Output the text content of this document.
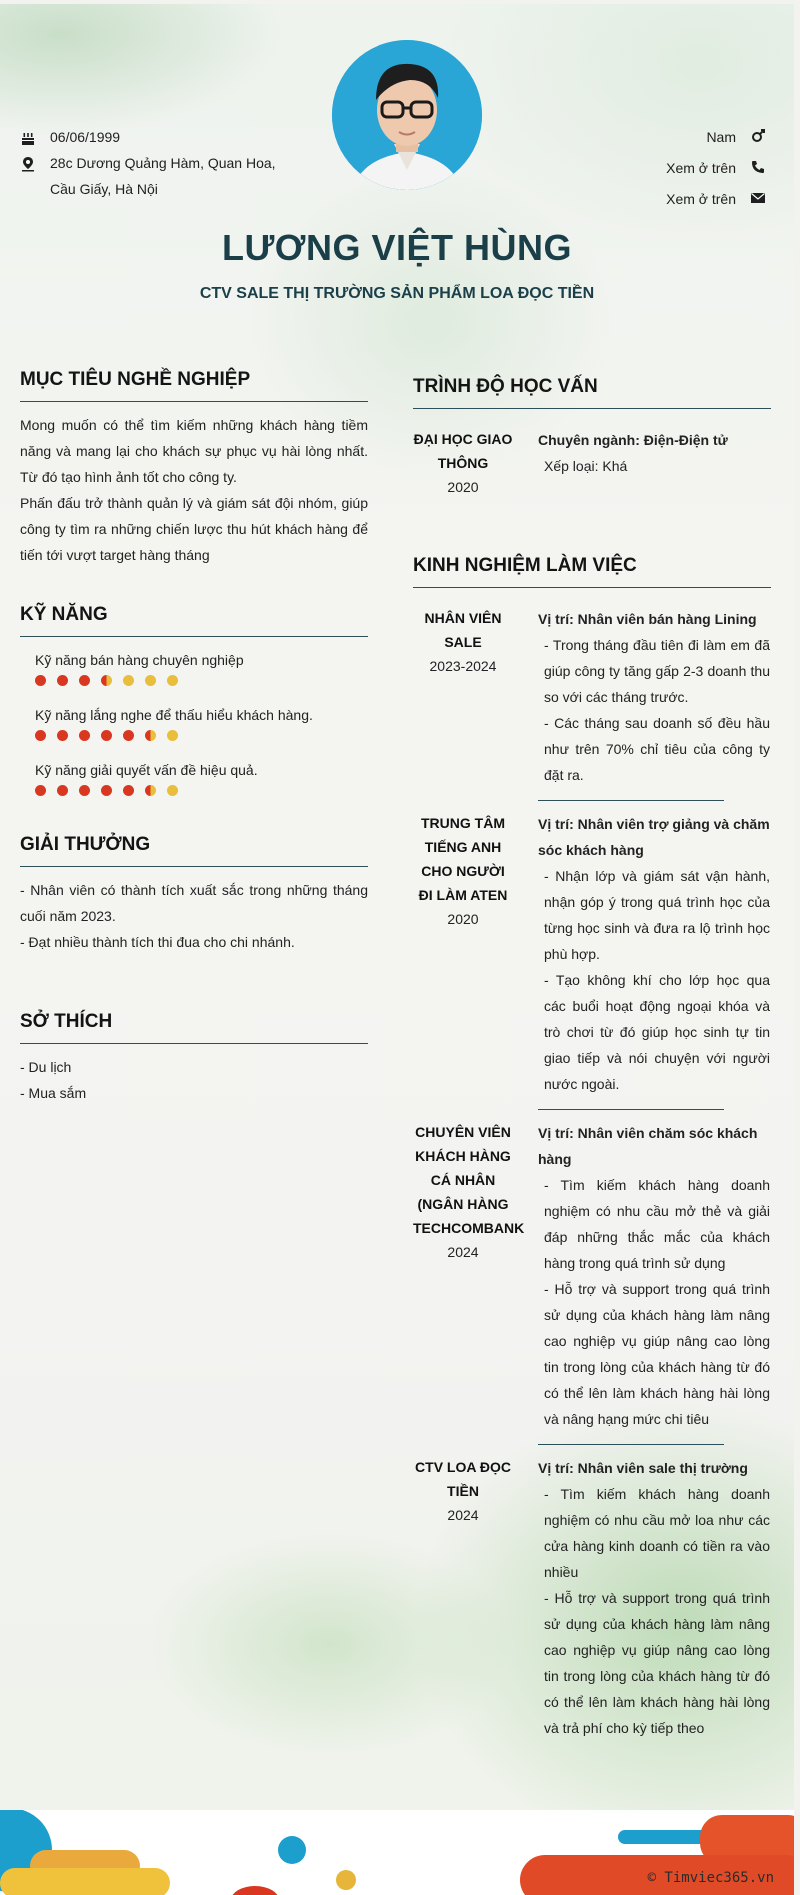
06/06/1999
28c Dương Quảng Hàm, Quan Hoa, Cầu Giấy, Hà Nội
Nam
Xem ở trên
Xem ở trên
LƯƠNG VIỆT HÙNG
CTV SALE THỊ TRƯỜNG SẢN PHẨM LOA ĐỌC TIỀN
MỤC TIÊU NGHỀ NGHIỆP
Mong muốn có thể tìm kiếm những khách hàng tiềm năng và mang lại cho khách sự phục vụ hài lòng nhất. Từ đó tạo hình ảnh tốt cho công ty.
Phấn đấu trở thành quản lý và giám sát đội nhóm, giúp công ty tìm ra những chiến lược thu hút khách hàng để tiến tới vượt target hàng tháng
KỸ NĂNG
Kỹ năng bán hàng chuyên nghiệp
Kỹ năng lắng nghe để thấu hiểu khách hàng.
Kỹ năng giải quyết vấn đề hiệu quả.
GIẢI THƯỞNG
- Nhân viên có thành tích xuất sắc trong những tháng cuối năm 2023.
- Đạt nhiều thành tích thi đua cho chi nhánh.
SỞ THÍCH
- Du lịch
- Mua sắm
TRÌNH ĐỘ HỌC VẤN
ĐẠI HỌC GIAO THÔNG
2020
Chuyên ngành: Điện-Điện tử
Xếp loại: Khá
KINH NGHIỆM LÀM VIỆC
NHÂN VIÊN SALE
2023-2024
Vị trí: Nhân viên bán hàng Lining
- Trong tháng đầu tiên đi làm em đã giúp công ty tăng gấp 2-3 doanh thu so với các tháng trước.
- Các tháng sau doanh số đều hầu như trên 70% chỉ tiêu của công ty đặt ra.
TRUNG TÂM TIẾNG ANH CHO NGƯỜI ĐI LÀM ATEN
2020
Vị trí: Nhân viên trợ giảng và chăm sóc khách hàng
- Nhận lớp và giám sát vận hành, nhận góp ý trong quá trình học của từng học sinh và đưa ra lộ trình học phù hợp.
- Tạo không khí cho lớp học qua các buổi hoạt động ngoại khóa và trò chơi từ đó giúp học sinh tự tin giao tiếp và nói chuyện với người nước ngoài.
CHUYÊN VIÊN KHÁCH HÀNG CÁ NHÂN (NGÂN HÀNG TECHCOMBANK
2024
Vị trí: Nhân viên chăm sóc khách hàng
- Tìm kiếm khách hàng doanh nghiệm có nhu cầu mở thẻ và giải đáp những thắc mắc của khách hàng trong quá trình sử dụng
- Hỗ trợ và support trong quá trình sử dụng của khách hàng làm nâng cao nghiệp vụ giúp nâng cao lòng tin trong lòng của khách hàng từ đó có thể lên làm khách hàng hài lòng và nâng hạng mức chi tiêu
CTV LOA ĐỌC TIỀN
2024
Vị trí: Nhân viên sale thị trường
- Tìm kiếm khách hàng doanh nghiệm có nhu cầu mở loa như các cửa hàng kinh doanh có tiền ra vào nhiều
- Hỗ trợ và support trong quá trình sử dụng của khách hàng làm nâng cao nghiệp vụ giúp nâng cao lòng tin trong lòng của khách hàng từ đó có thể lên làm khách hàng hài lòng và trả phí cho kỳ tiếp theo
© Timviec365.vn
